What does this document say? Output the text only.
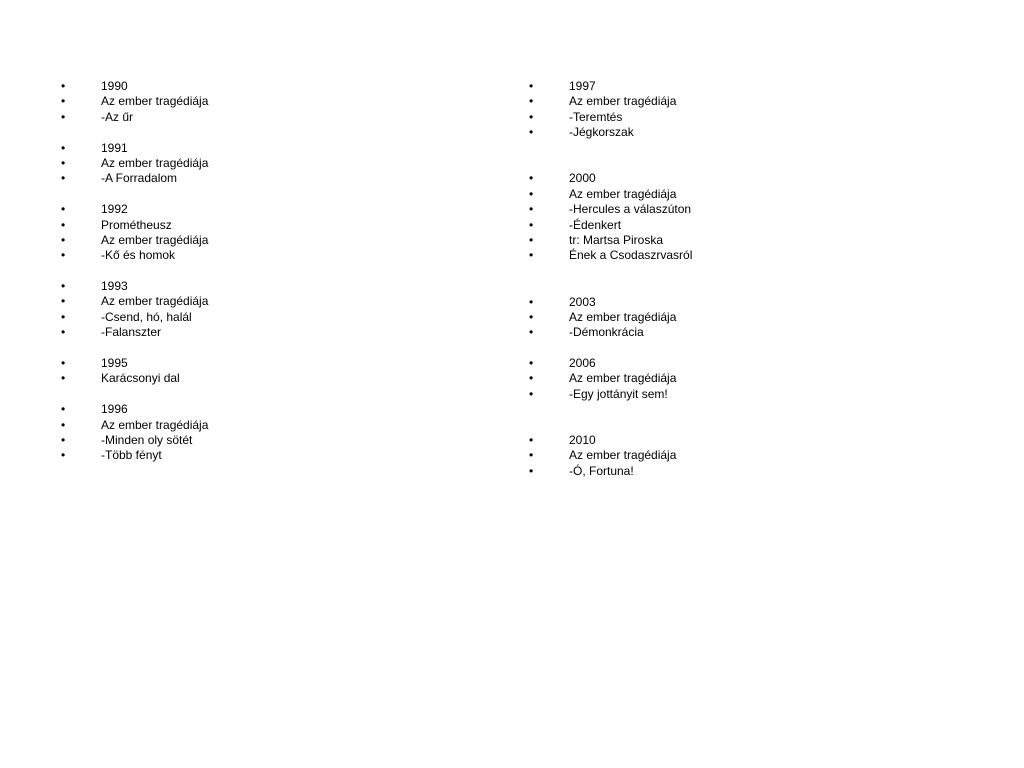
•	1990
•	Az ember tragédiája
•	-Az űr
•	1991
•	Az ember tragédiája
•	-A Forradalom
•	1992
•	Prométheusz
•	Az ember tragédiája
•	-Kő és homok
•	1993
•	Az ember tragédiája
•	-Csend, hó, halál
•	-Falanszter
•	1995
•	Karácsonyi dal
•	1996
•	Az ember tragédiája
•	-Minden oly sötét
•	-Több fényt
•	1997
•	Az ember tragédiája
•	-Teremtés
•	-Jégkorszak
•	2000
•	Az ember tragédiája
•	-Hercules a válaszúton
•	-Édenkert
•	tr: Martsa Piroska
•	Ének a Csodaszrvasról
•	2003
•	Az ember tragédiája
•	-Démonkrácia
•	2006
•	Az ember tragédiája
•	-Egy jottányit sem!
•	2010
•	Az ember tragédiája
•	-Ó, Fortuna!
